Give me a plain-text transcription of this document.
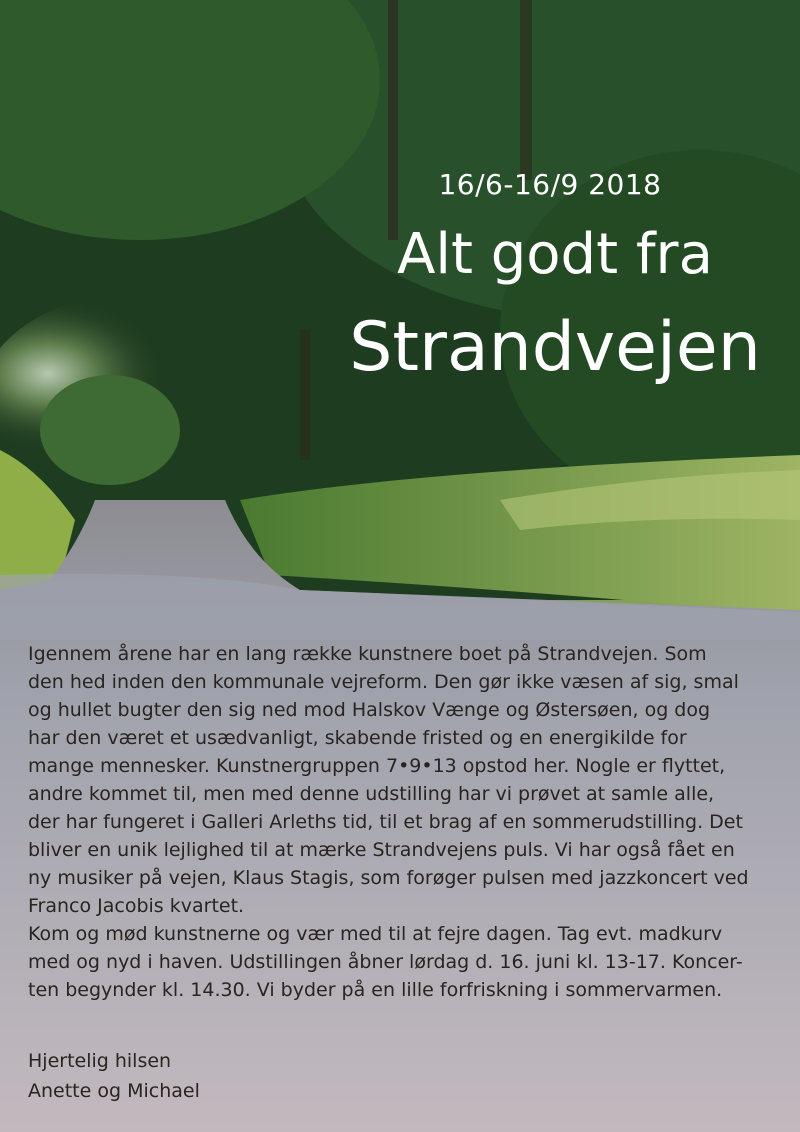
16/6-16/9 2018
Alt godt fra
Strandvejen
Igennem årene har en lang række kunstnere boet på Strandvejen. Som
den hed inden den kommunale vejreform. Den gør ikke væsen af sig, smal
og hullet bugter den sig ned mod Halskov Vænge og Østersøen, og dog
har den været et usædvanligt, skabende fristed og en energikilde for
mange mennesker. Kunstnergruppen 7•9•13 opstod her. Nogle er flyttet,
andre kommet til, men med denne udstilling har vi prøvet at samle alle,
der har fungeret i Galleri Arleths tid, til et brag af en sommerudstilling. Det
bliver en unik lejlighed til at mærke Strandvejens puls. Vi har også fået en
ny musiker på vejen, Klaus Stagis, som forøger pulsen med jazzkoncert ved
Franco Jacobis kvartet.
Kom og mød kunstnerne og vær med til at fejre dagen. Tag evt. madkurv
med og nyd i haven. Udstillingen åbner lørdag d. 16. juni kl. 13-17. Koncer-
ten begynder kl. 14.30. Vi byder på en lille forfriskning i sommervarmen.
Hjertelig hilsen
Anette og Michael
